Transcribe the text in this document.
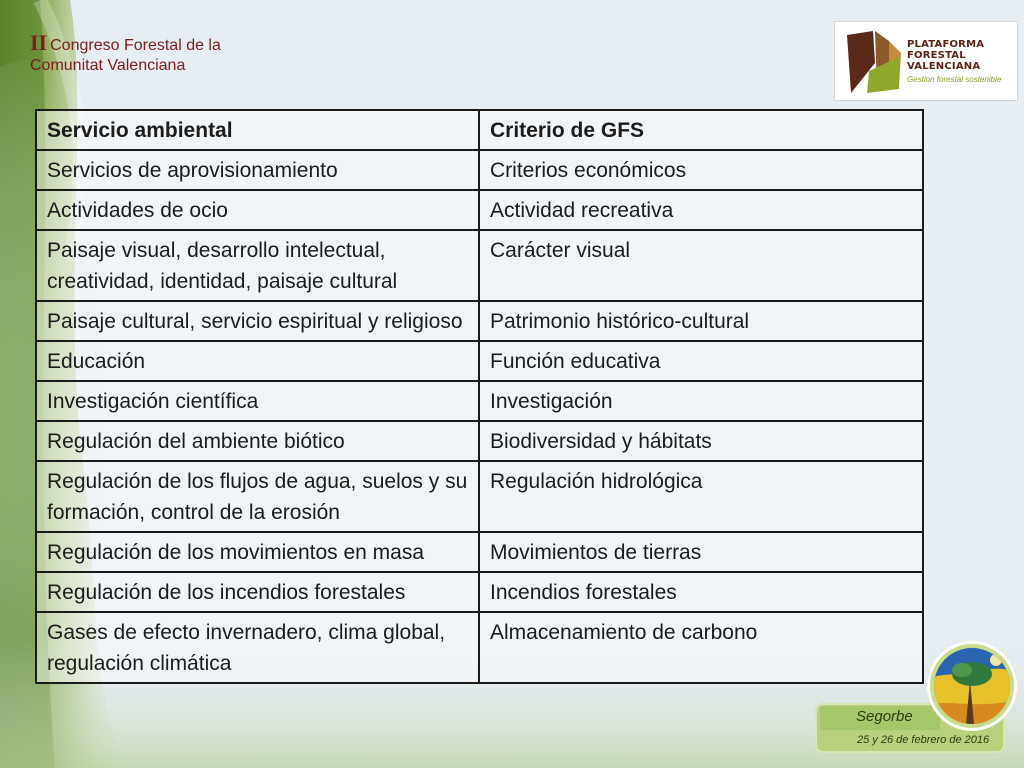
II Congreso Forestal de la
Comunitat Valenciana
PLATAFORMA
FORESTAL
VALENCIANA
Gestion forestal sostenible
Servicio ambiental	Criterio de GFS
Servicios de aprovisionamiento	Criterios económicos
Actividades de ocio	Actividad recreativa
Paisaje visual, desarrollo intelectual, creatividad, identidad, paisaje cultural	Carácter visual
Paisaje cultural, servicio espiritual y religioso	Patrimonio histórico-cultural
Educación	Función educativa
Investigación científica	Investigación
Regulación del ambiente biótico	Biodiversidad y hábitats
Regulación de los flujos de agua, suelos y su formación, control de la erosión	Regulación hidrológica
Regulación de los movimientos en masa	Movimientos de tierras
Regulación de los incendios forestales	Incendios forestales
Gases de efecto invernadero, clima global, regulación climática	Almacenamiento de carbono
Segorbe
25 y 26 de febrero de 2016
